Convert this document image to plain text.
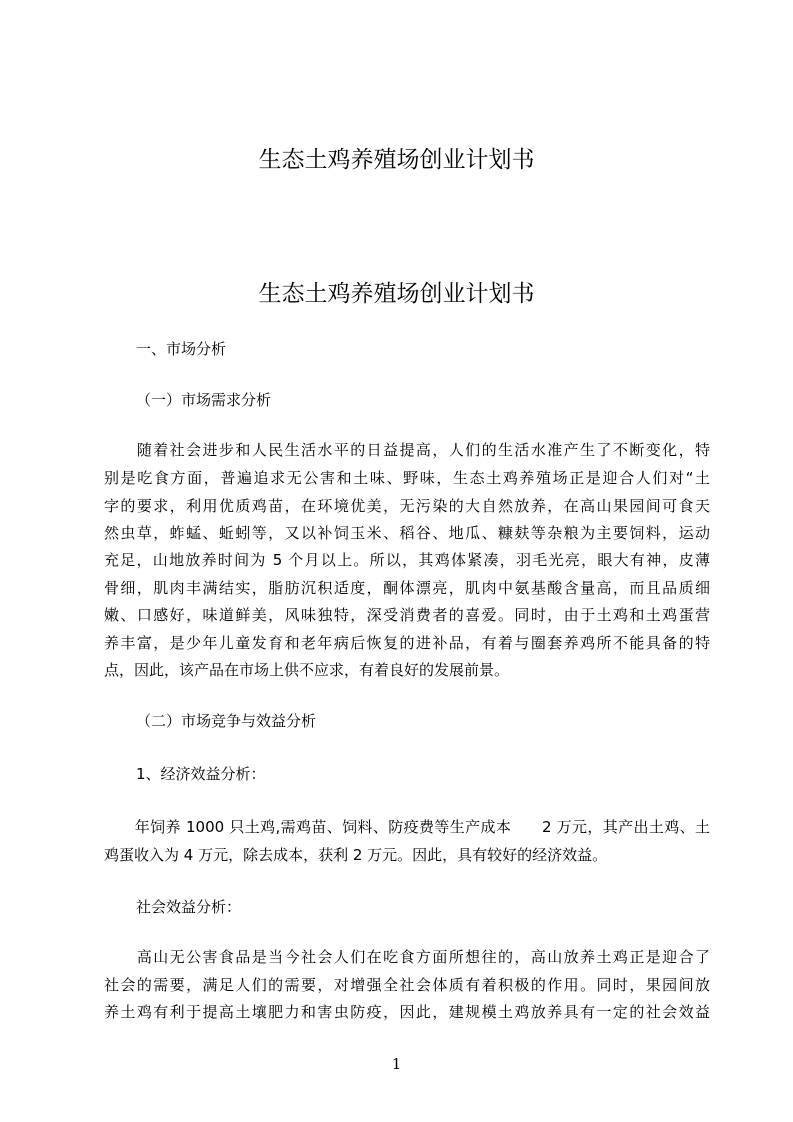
生态土鸡养殖场创业计划书
生态土鸡养殖场创业计划书
一、市场分析
（一）市场需求分析
　　随着社会进步和人民生活水平的日益提高，人们的生活水准产生了不断变化，特
别是吃食方面，普遍追求无公害和土味、野味，生态土鸡养殖场正是迎合人们对“土
字的要求，利用优质鸡苗，在环境优美，无污染的大自然放养，在高山果园间可食天
然虫草，蚱蜢、蚯蚓等，又以补饲玉米、稻谷、地瓜、糠麸等杂粮为主要饲料，运动
充足，山地放养时间为 5 个月以上。所以，其鸡体紧凑，羽毛光亮，眼大有神，皮薄
骨细，肌肉丰满结实，脂肪沉积适度，酮体漂亮，肌肉中氨基酸含量高，而且品质细
嫩、口感好，味道鲜美，风味独特，深受消费者的喜爱。同时，由于土鸡和土鸡蛋营
养丰富，是少年儿童发育和老年病后恢复的进补品，有着与圈套养鸡所不能具备的特
点，因此，该产品在市场上供不应求，有着良好的发展前景。
（二）市场竞争与效益分析
1、经济效益分析：
　　年饲养 1000 只土鸡,需鸡苗、饲料、防疫费等生产成本　　2 万元，其产出土鸡、土
鸡蛋收入为 4 万元，除去成本，获利 2 万元。因此，具有较好的经济效益。
社会效益分析：
　　高山无公害食品是当今社会人们在吃食方面所想往的，高山放养土鸡正是迎合了
社会的需要，满足人们的需要，对增强全社会体质有着积极的作用。同时，果园间放
养土鸡有利于提高土壤肥力和害虫防疫，因此，建规模土鸡放养具有一定的社会效益
1
